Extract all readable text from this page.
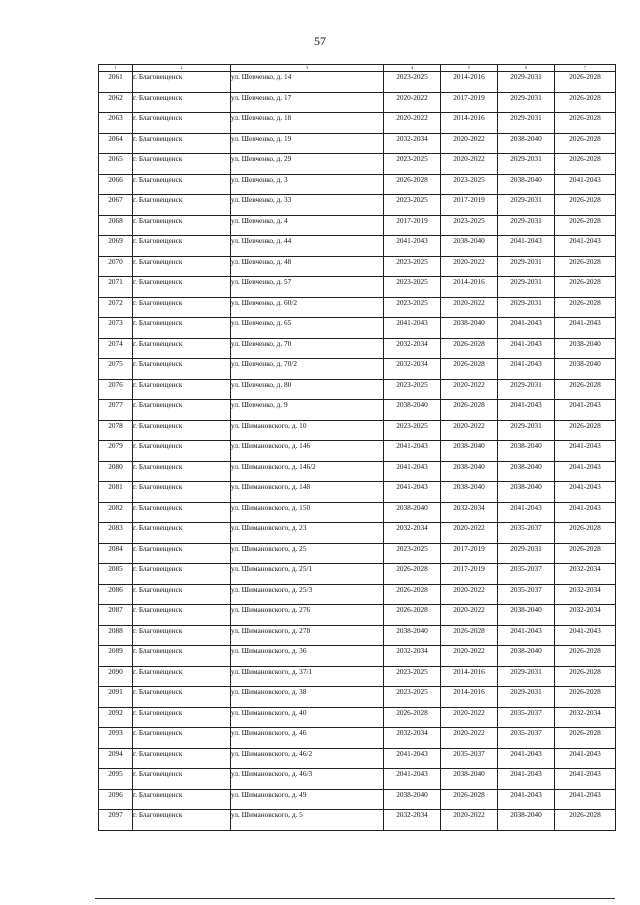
57
1	2	3	4	5	6	7
2061	г. Благовещенск	ул. Шевченко, д. 14	2023-2025	2014-2016	2029-2031	2026-2028
2062	г. Благовещенск	ул. Шевченко, д. 17	2020-2022	2017-2019	2029-2031	2026-2028
2063	г. Благовещенск	ул. Шевченко, д. 18	2020-2022	2014-2016	2029-2031	2026-2028
2064	г. Благовещенск	ул. Шевченко, д. 19	2032-2034	2020-2022	2038-2040	2026-2028
2065	г. Благовещенск	ул. Шевченко, д. 29	2023-2025	2020-2022	2029-2031	2026-2028
2066	г. Благовещенск	ул. Шевченко, д. 3	2026-2028	2023-2025	2038-2040	2041-2043
2067	г. Благовещенск	ул. Шевченко, д. 33	2023-2025	2017-2019	2029-2031	2026-2028
2068	г. Благовещенск	ул. Шевченко, д. 4	2017-2019	2023-2025	2029-2031	2026-2028
2069	г. Благовещенск	ул. Шевченко, д. 44	2041-2043	2038-2040	2041-2043	2041-2043
2070	г. Благовещенск	ул. Шевченко, д. 48	2023-2025	2020-2022	2029-2031	2026-2028
2071	г. Благовещенск	ул. Шевченко, д. 57	2023-2025	2014-2016	2029-2031	2026-2028
2072	г. Благовещенск	ул. Шевченко, д. 60/2	2023-2025	2020-2022	2029-2031	2026-2028
2073	г. Благовещенск	ул. Шевченко, д. 65	2041-2043	2038-2040	2041-2043	2041-2043
2074	г. Благовещенск	ул. Шевченко, д. 70	2032-2034	2026-2028	2041-2043	2038-2040
2075	г. Благовещенск	ул. Шевченко, д. 70/2	2032-2034	2026-2028	2041-2043	2038-2040
2076	г. Благовещенск	ул. Шевченко, д. 80	2023-2025	2020-2022	2029-2031	2026-2028
2077	г. Благовещенск	ул. Шевченко, д. 9	2038-2040	2026-2028	2041-2043	2041-2043
2078	г. Благовещенск	ул. Шимановского, д. 10	2023-2025	2020-2022	2029-2031	2026-2028
2079	г. Благовещенск	ул. Шимановского, д. 146	2041-2043	2038-2040	2038-2040	2041-2043
2080	г. Благовещенск	ул. Шимановского, д. 146/2	2041-2043	2038-2040	2038-2040	2041-2043
2081	г. Благовещенск	ул. Шимановского, д. 148	2041-2043	2038-2040	2038-2040	2041-2043
2082	г. Благовещенск	ул. Шимановского, д. 150	2038-2040	2032-2034	2041-2043	2041-2043
2083	г. Благовещенск	ул. Шимановского, д. 23	2032-2034	2020-2022	2035-2037	2026-2028
2084	г. Благовещенск	ул. Шимановского, д. 25	2023-2025	2017-2019	2029-2031	2026-2028
2085	г. Благовещенск	ул. Шимановского, д. 25/1	2026-2028	2017-2019	2035-2037	2032-2034
2086	г. Благовещенск	ул. Шимановского, д. 25/3	2026-2028	2020-2022	2035-2037	2032-2034
2087	г. Благовещенск	ул. Шимановского, д. 276	2026-2028	2020-2022	2038-2040	2032-2034
2088	г. Благовещенск	ул. Шимановского, д. 278	2038-2040	2026-2028	2041-2043	2041-2043
2089	г. Благовещенск	ул. Шимановского, д. 36	2032-2034	2020-2022	2038-2040	2026-2028
2090	г. Благовещенск	ул. Шимановского, д. 37/1	2023-2025	2014-2016	2029-2031	2026-2028
2091	г. Благовещенск	ул. Шимановского, д. 38	2023-2025	2014-2016	2029-2031	2026-2028
2092	г. Благовещенск	ул. Шимановского, д. 40	2026-2028	2020-2022	2035-2037	2032-2034
2093	г. Благовещенск	ул. Шимановского, д. 46	2032-2034	2020-2022	2035-2037	2026-2028
2094	г. Благовещенск	ул. Шимановского, д. 46/2	2041-2043	2035-2037	2041-2043	2041-2043
2095	г. Благовещенск	ул. Шимановского, д. 46/3	2041-2043	2038-2040	2041-2043	2041-2043
2096	г. Благовещенск	ул. Шимановского, д. 49	2038-2040	2026-2028	2041-2043	2041-2043
2097	г. Благовещенск	ул. Шимановского, д. 5	2032-2034	2020-2022	2038-2040	2026-2028
